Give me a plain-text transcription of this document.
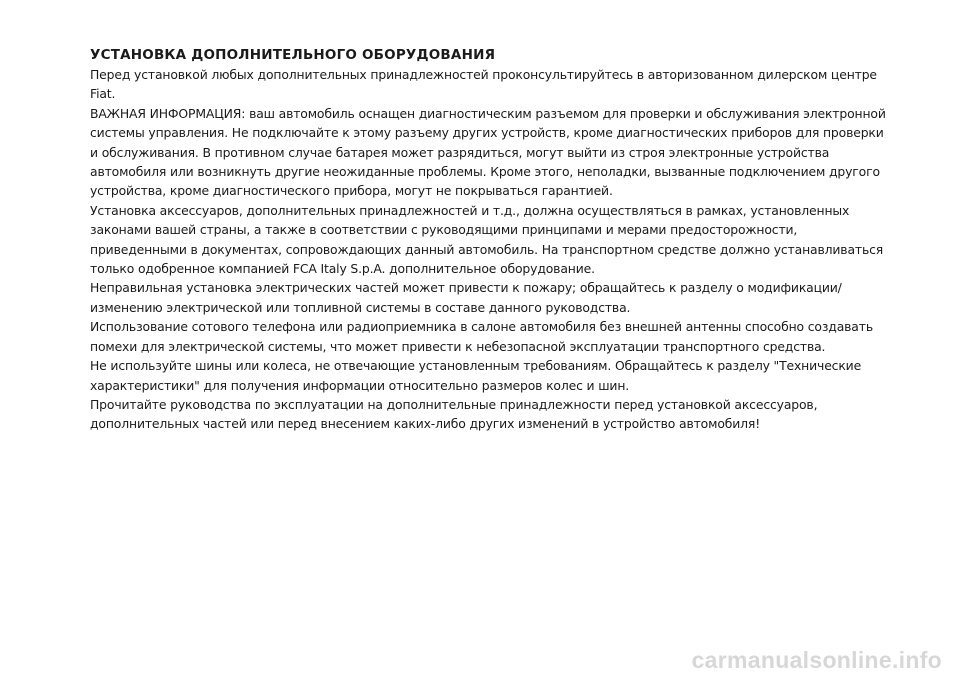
УСТАНОВКА ДОПОЛНИТЕЛЬНОГО ОБОРУДОВАНИЯ

Перед установкой любых дополнительных принадлежностей проконсультируйтесь в авторизованном дилерском центре Fiat.

ВАЖНАЯ ИНФОРМАЦИЯ: ваш автомобиль оснащен диагностическим разъемом для проверки и обслуживания электронной системы управления. Не подключайте к этому разъему других устройств, кроме диагностических приборов для проверки и обслуживания. В противном случае батарея может разрядиться, могут выйти из строя электронные устройства автомобиля или возникнуть другие неожиданные проблемы. Кроме этого, неполадки, вызванные подключением другого устройства, кроме диагностического прибора, могут не покрываться гарантией.

Установка аксессуаров, дополнительных принадлежностей и т.д., должна осуществляться в рамках, установленных законами вашей страны, а также в соответствии с руководящими принципами и мерами предосторожности, приведенными в документах, сопровождающих данный автомобиль. На транспортном средстве должно устанавливаться только одобренное компанией FCA Italy S.p.A. дополнительное оборудование.

Неправильная установка электрических частей может привести к пожару; обращайтесь к разделу о модификации/изменению электрической или топливной системы в составе данного руководства.

Использование сотового телефона или радиоприемника в салоне автомобиля без внешней антенны способно создавать помехи для электрической системы, что может привести к небезопасной эксплуатации транспортного средства.

Не используйте шины или колеса, не отвечающие установленным требованиям. Обращайтесь к разделу "Технические характеристики" для получения информации относительно размеров колес и шин.

Прочитайте руководства по эксплуатации на дополнительные принадлежности перед установкой аксессуаров, дополнительных частей или перед внесением каких-либо других изменений в устройство автомобиля!

carmanualsonline.info
